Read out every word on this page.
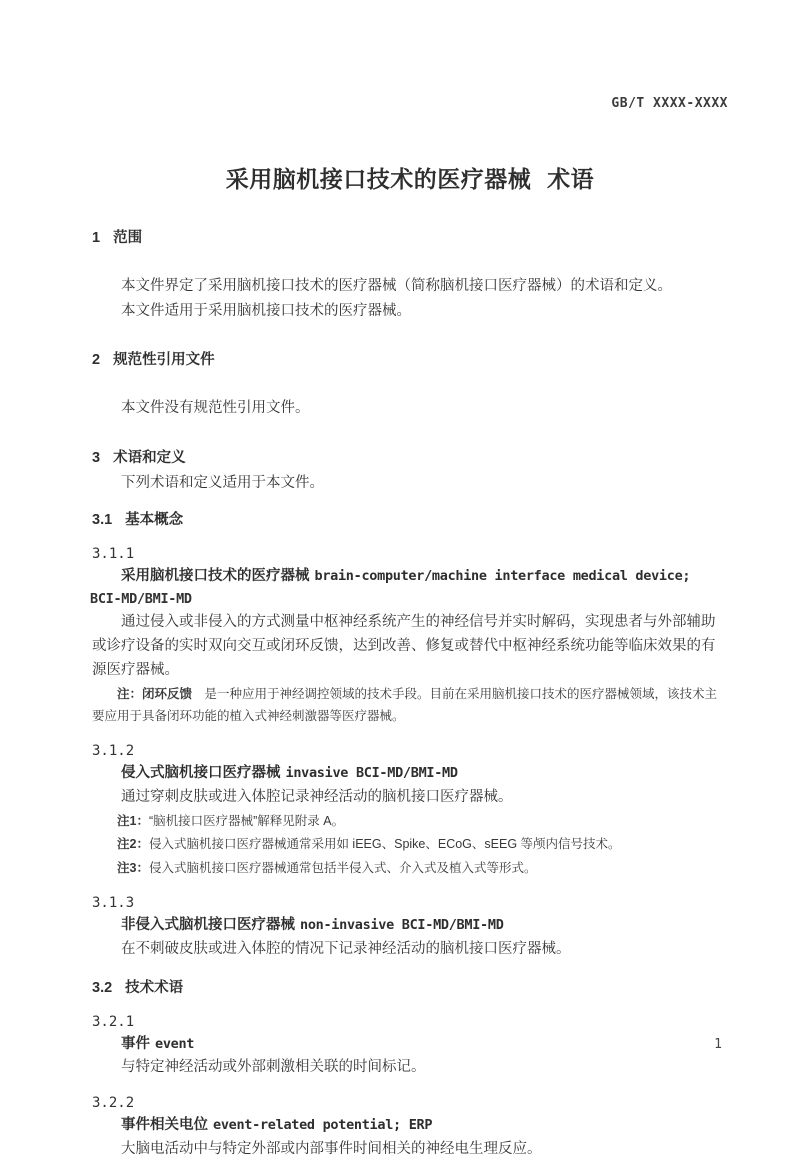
GB/T XXXX-XXXX
采用脑机接口技术的医疗器械 术语
1 范围

本文件界定了采用脑机接口技术的医疗器械（简称脑机接口医疗器械）的术语和定义。

本文件适用于采用脑机接口技术的医疗器械。

2 规范性引用文件

本文件没有规范性引用文件。

3 术语和定义

下列术语和定义适用于本文件。

3.1 基本概念

3.1.1

采用脑机接口技术的医疗器械 brain-computer/machine interface medical device;

BCI-MD/BMI-MD

通过侵入或非侵入的方式测量中枢神经系统产生的神经信号并实时解码，实现患者与外部辅助或诊疗设备的实时双向交互或闭环反馈，达到改善、修复或替代中枢神经系统功能等临床效果的有源医疗器械。

注：闭环反馈　是一种应用于神经调控领域的技术手段。目前在采用脑机接口技术的医疗器械领域，该技术主要应用于具备闭环功能的植入式神经刺激器等医疗器械。

3.1.2

侵入式脑机接口医疗器械 invasive BCI-MD/BMI-MD

通过穿刺皮肤或进入体腔记录神经活动的脑机接口医疗器械。

注1：“脑机接口医疗器械”解释见附录 A。

注2：侵入式脑机接口医疗器械通常采用如 iEEG、Spike、ECoG、sEEG 等颅内信号技术。

注3：侵入式脑机接口医疗器械通常包括半侵入式、介入式及植入式等形式。

3.1.3

非侵入式脑机接口医疗器械 non-invasive BCI-MD/BMI-MD

在不刺破皮肤或进入体腔的情况下记录神经活动的脑机接口医疗器械。

3.2 技术术语

3.2.1

事件 event

与特定神经活动或外部刺激相关联的时间标记。

3.2.2

事件相关电位 event-related potential; ERP

大脑电活动中与特定外部或内部事件时间相关的神经电生理反应。

1
